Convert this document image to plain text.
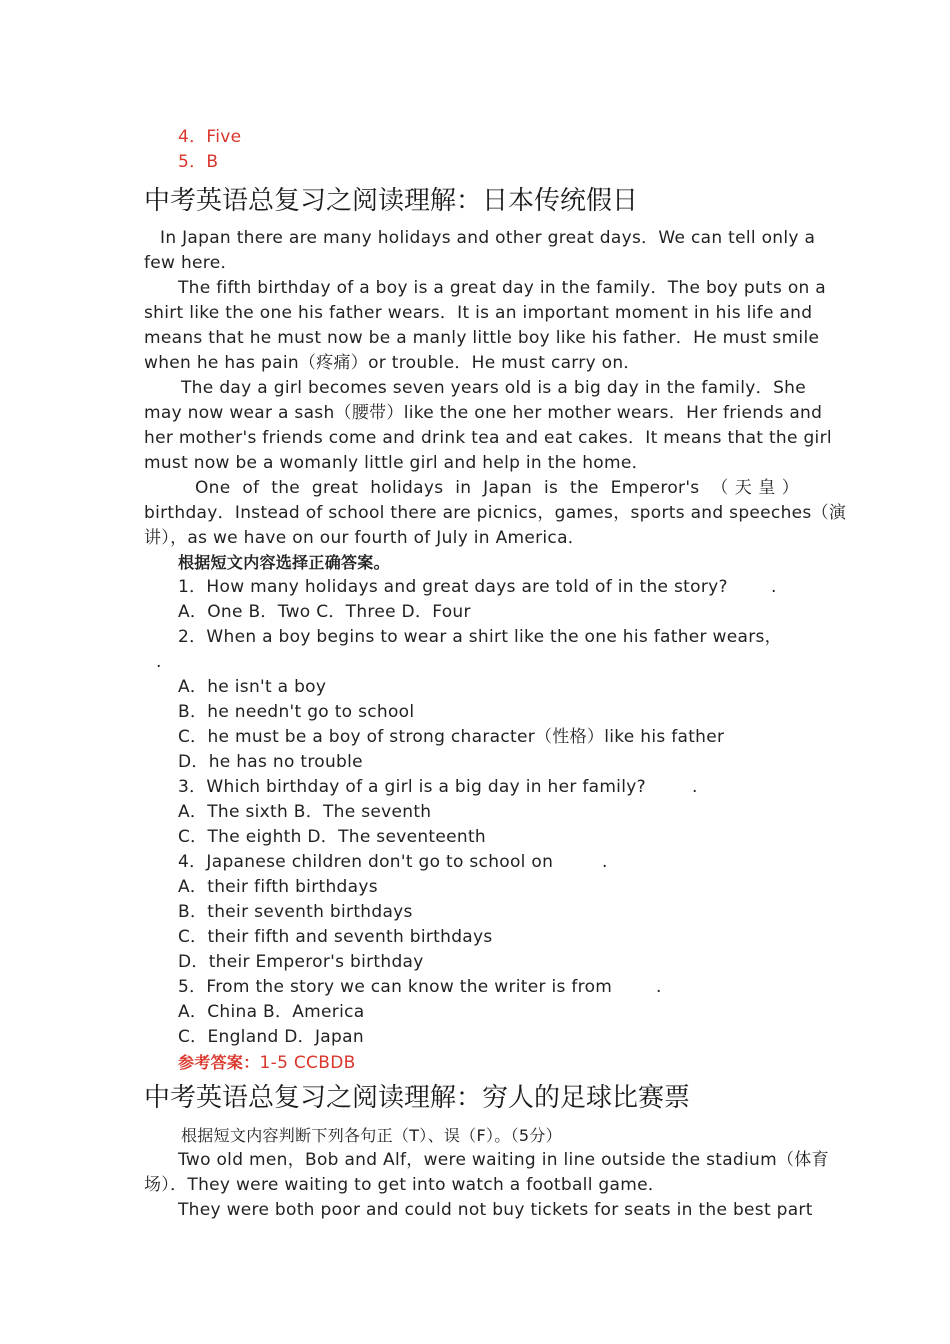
4．Five
5．B
中考英语总复习之阅读理解：日本传统假日
In Japan there are many holidays and other great days．We can tell only a
few here．
The fifth birthday of a boy is a great day in the family．The boy puts on a
shirt like the one his father wears．It is an important moment in his life and
means that he must now be a manly little boy like his father．He must smile
when he has pain（疼痛）or trouble．He must carry on．
The day a girl becomes seven years old is a big day in the family．She
may now wear a sash（腰带）like the one her mother wears．Her friends and
her mother's friends come and drink tea and eat cakes．It means that the girl
must now be a womanly little girl and help in the home．
One of the great holidays in Japan is the Emperor's （天皇）
birthday．Instead of school there are picnics，games，sports and speeches（演
讲），as we have on our fourth of July in America．
根据短文内容选择正确答案。
1．How many holidays and great days are told of in the story?	.
A．One B．Two C．Three D．Four
2．When a boy begins to wear a shirt like the one his father wears，
.
A．he isn't a boy
B．he needn't go to school
C．he must be a boy of strong character（性格）like his father
D．he has no trouble
3．Which birthday of a girl is a big day in her family?	.
A．The sixth B．The seventh
C．The eighth D．The seventeenth
4．Japanese children don't go to school on	.
A．their fifth birthdays
B．their seventh birthdays
C．their fifth and seventh birthdays
D．their Emperor's birthday
5．From the story we can know the writer is from	.
A．China B．America
C．England D．Japan
参考答案：1-5 CCBDB
中考英语总复习之阅读理解：穷人的足球比赛票
根据短文内容判断下列各句正（T）、误（F）。（5分）
Two old men，Bob and Alf，were waiting in line outside the stadium（体育
场）．They were waiting to get into watch a football game．
They were both poor and could not buy tickets for seats in the best part
